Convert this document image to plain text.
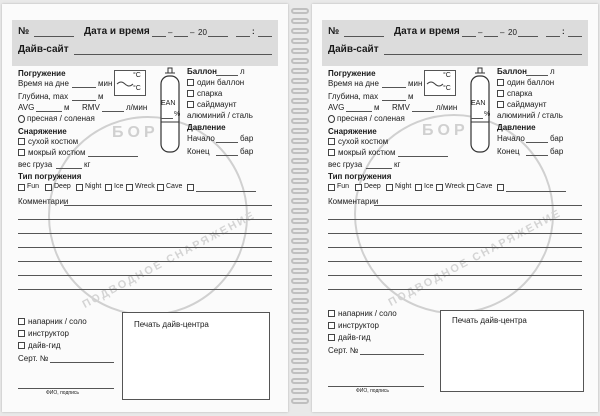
БОР
ПОДВОДНОЕ СНАРЯЖЕНИЕ
№	Дата и время – – 20	:
Дайв-сайт
Погружение
Время на дне	мин
Глубина, max	м
AVG	м RMV	л/мин
пресная / соленая
°C
°C
Снаряжение
сухой костюм
мокрый костюм
вес груза	кг
Баллон	л
один баллон
спарка
сайдмаунт
алюминий / сталь
EAN
%
Давление
Начало	бар
Конец	бар
Тип погружения
Fun Deep Night Ice Wreck Cave
Комментарии
напарник / соло
инструктор
дайв-гид
Серт. №
ФИО, подпись
Печать дайв-центра
БОР
ПОДВОДНОЕ СНАРЯЖЕНИЕ
№	Дата и время – – 20	:
Дайв-сайт
Погружение
Время на дне	мин
Глубина, max	м
AVG	м RMV	л/мин
пресная / соленая
°C
°C
Снаряжение
сухой костюм
мокрый костюм
вес груза	кг
Баллон	л
один баллон
спарка
сайдмаунт
алюминий / сталь
EAN
%
Давление
Начало	бар
Конец	бар
Тип погружения
Fun Deep Night Ice Wreck Cave
Комментарии
напарник / соло
инструктор
дайв-гид
Серт. №
ФИО, подпись
Печать дайв-центра
